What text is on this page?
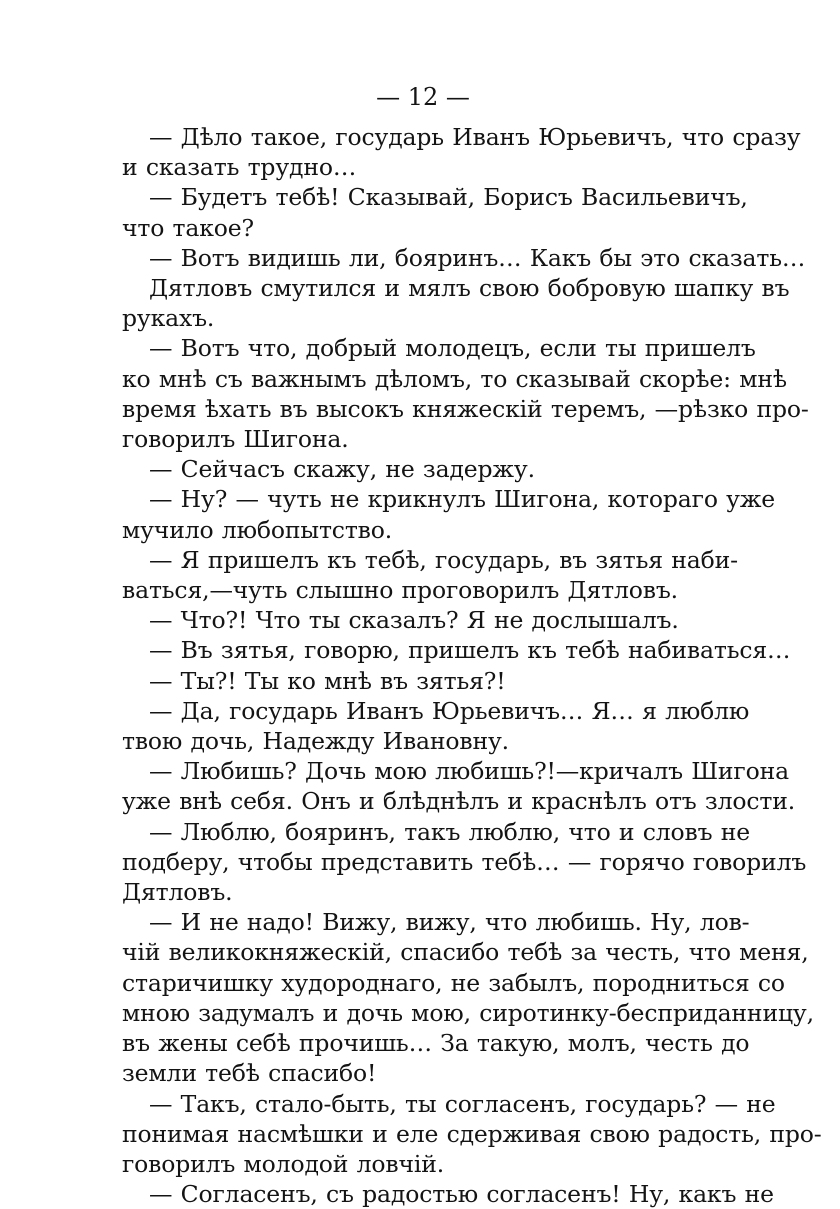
— 12 —
— Дѣло такое, государь Иванъ Юрьевичъ, что сразу
и сказать трудно…
— Будетъ тебѣ! Сказывай, Борисъ Васильевичъ,
что такое?
— Вотъ видишь ли, бояринъ… Какъ бы это сказать…
Дятловъ смутился и мялъ свою бобровую шапку въ
рукахъ.
— Вотъ что, добрый молодецъ, если ты пришелъ
ко мнѣ съ важнымъ дѣломъ, то сказывай скорѣе: мнѣ
время ѣхать въ высокъ княжескій теремъ, —рѣзко про-
говорилъ Шигона.
— Сейчасъ скажу, не задержу.
— Ну? — чуть не крикнулъ Шигона, котораго уже
мучило любопытство.
— Я пришелъ къ тебѣ, государь, въ зятья наби-
ваться,—чуть слышно проговорилъ Дятловъ.
— Что?! Что ты сказалъ? Я не дослышалъ.
— Въ зятья, говорю, пришелъ къ тебѣ набиваться…
— Ты?! Ты ко мнѣ въ зятья?!
— Да, государь Иванъ Юрьевичъ… Я… я люблю
твою дочь, Надежду Ивановну.
— Любишь? Дочь мою любишь?!—кричалъ Шигона
уже внѣ себя. Онъ и блѣднѣлъ и краснѣлъ отъ злости.
— Люблю, бояринъ, такъ люблю, что и словъ не
подберу, чтобы представить тебѣ… — горячо говорилъ
Дятловъ.
— И не надо! Вижу, вижу, что любишь. Ну, лов-
чій великокняжескій, спасибо тебѣ за честь, что меня,
старичишку худороднаго, не забылъ, породниться со
мною задумалъ и дочь мою, сиротинку-бесприданницу,
въ жены себѣ прочишь… За такую, молъ, честь до
земли тебѣ спасибо!
— Такъ, стало-быть, ты согласенъ, государь? — не
понимая насмѣшки и еле сдерживая свою радость, про-
говорилъ молодой ловчій.
— Согласенъ, съ радостью согласенъ! Ну, какъ не
